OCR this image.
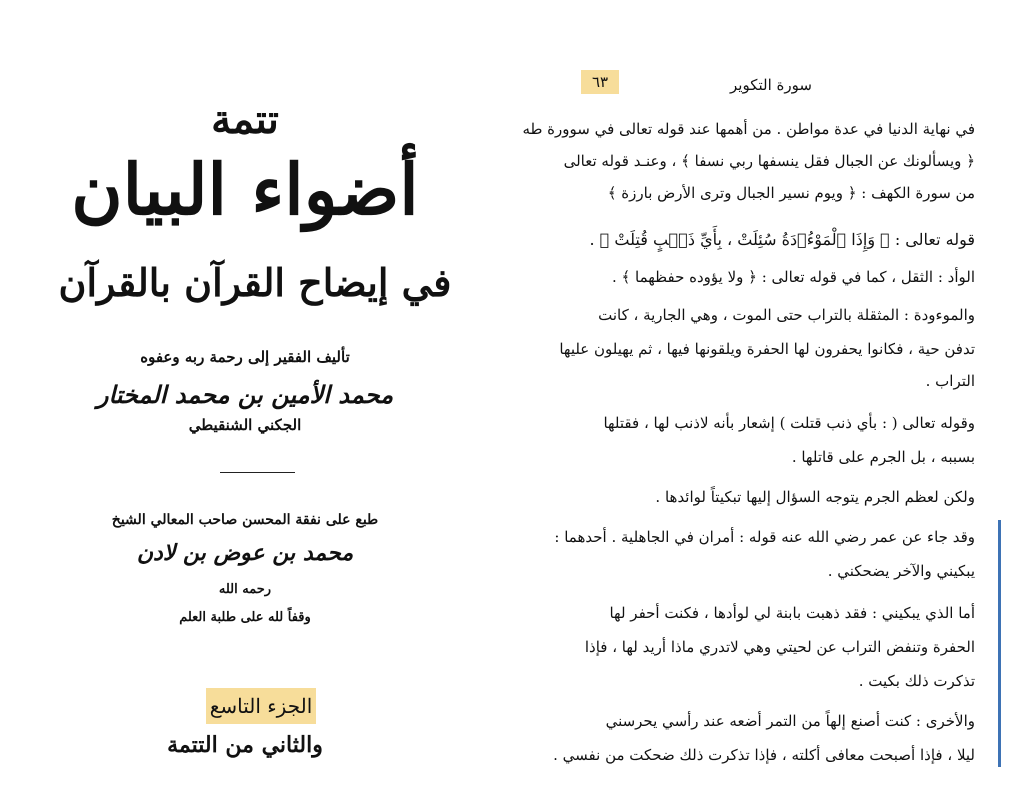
تتمة
أضواء البيان
في إيضاح القرآن بالقرآن
تأليف الفقير إلى رحمة ربه وعفوه
محمد الأمين بن محمد المختار
الجكني الشنقيطي
طبع على نفقة المحسن صاحب المعالي الشيخ
محمد بن عوض بن لادن
رحمه الله
وقفاً لله على طلبة العلم
الجزء التاسع
والثاني من التتمة
٦٣	سورة التكوير
في نهاية الدنيا في عدة مواطن . من أهمها عند قوله تعالى في سوورة طه
﴿ ويسألونك عن الجبال فقل ينسفها ربي نسفا ﴾ ، وعنـد قوله تعالى
من سورة الكهف : ﴿ ويوم نسير الجبال وترى الأرض بارزة ﴾
قوله تعالى : ﴿ وَإِذَا ٱلْمَوْءُۥدَةُ سُئِلَتْ ، بِأَيِّ ذَنۢبٍ قُتِلَتْ ﴾ .
الوأد : الثقل ، كما في قوله تعالى : ﴿ ولا يؤوده حفظهما ﴾ .
والموءودة : المثقلة بالتراب حتى الموت ، وهي الجارية ، كانت
تدفن حية ، فكانوا يحفرون لها الحفرة ويلقونها فيها ، ثم يهيلون عليها
التراب .
وقوله تعالى ( : بأي ذنب قتلت ) إشعار بأنه لاذنب لها ، فقتلها
بسببه ، بل الجرم على قاتلها .
ولكن لعظم الجرم يتوجه السؤال إليها تبكيتاً لوائدها .
وقد جاء عن عمر رضي الله عنه قوله : أمران في الجاهلية . أحدهما :
يبكيني والآخر يضحكني .
أما الذي يبكيني : فقد ذهبت بابنة لي لوأدها ، فكنت أحفر لها
الحفرة وتنفض التراب عن لحيتي وهي لاتدري ماذا أريد لها ، فإذا
تذكرت ذلك بكيت .
والأخرى : كنت أصنع إلهاً من التمر أضعه عند رأسي يحرسني
ليلا ، فإذا أصبحت معافى أكلته ، فإذا تذكرت ذلك ضحكت من نفسي .
